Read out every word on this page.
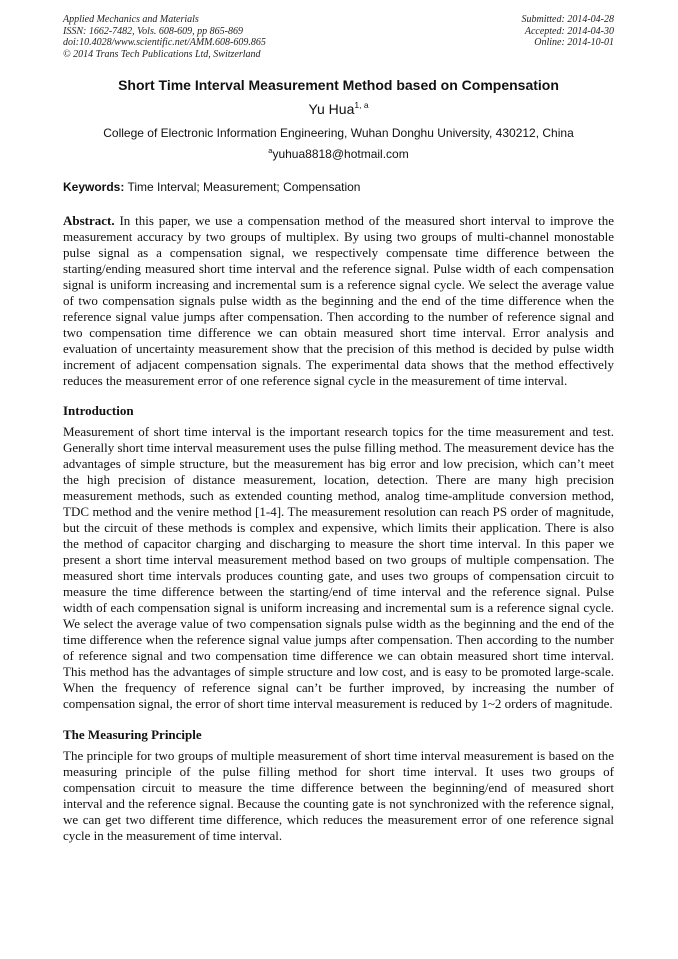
Applied Mechanics and Materials
ISSN: 1662-7482, Vols. 608-609, pp 865-869
doi:10.4028/www.scientific.net/AMM.608-609.865
© 2014 Trans Tech Publications Ltd, Switzerland
Submitted: 2014-04-28
Accepted: 2014-04-30
Online: 2014-10-01
Short Time Interval Measurement Method based on Compensation
Yu Hua$^{1, a}$
College of Electronic Information Engineering, Wuhan Donghu University, 430212, China
$^a$yuhua8818@hotmail.com
Keywords: Time Interval; Measurement; Compensation

Abstract. In this paper, we use a compensation method of the measured short interval to improve the measurement accuracy by two groups of multiplex. By using two groups of multi-channel monostable pulse signal as a compensation signal, we respectively compensate time difference between the starting/ending measured short time interval and the reference signal. Pulse width of each compensation signal is uniform increasing and incremental sum is a reference signal cycle. We select the average value of two compensation signals pulse width as the beginning and the end of the time difference when the reference signal value jumps after compensation. Then according to the number of reference signal and two compensation time difference we can obtain measured short time interval. Error analysis and evaluation of uncertainty measurement show that the precision of this method is decided by pulse width increment of adjacent compensation signals. The experimental data shows that the method effectively reduces the measurement error of one reference signal cycle in the measurement of time interval.

Introduction

Measurement of short time interval is the important research topics for the time measurement and test. Generally short time interval measurement uses the pulse filling method. The measurement device has the advantages of simple structure, but the measurement has big error and low precision, which can’t meet the high precision of distance measurement, location, detection. There are many high precision measurement methods, such as extended counting method, analog time-amplitude conversion method, TDC method and the venire method [1-4]. The measurement resolution can reach PS order of magnitude, but the circuit of these methods is complex and expensive, which limits their application. There is also the method of capacitor charging and discharging to measure the short time interval. In this paper we present a short time interval measurement method based on two groups of multiple compensation. The measured short time intervals produces counting gate, and uses two groups of compensation circuit to measure the time difference between the starting/end of time interval and the reference signal. Pulse width of each compensation signal is uniform increasing and incremental sum is a reference signal cycle. We select the average value of two compensation signals pulse width as the beginning and the end of the time difference when the reference signal value jumps after compensation. Then according to the number of reference signal and two compensation time difference we can obtain measured short time interval. This method has the advantages of simple structure and low cost, and is easy to be promoted large-scale. When the frequency of reference signal can’t be further improved, by increasing the number of compensation signal, the error of short time interval measurement is reduced by 1~2 orders of magnitude.

The Measuring Principle

The principle for two groups of multiple measurement of short time interval measurement is based on the measuring principle of the pulse filling method for short time interval. It uses two groups of compensation circuit to measure the time difference between the beginning/end of measured short interval and the reference signal. Because the counting gate is not synchronized with the reference signal, we can get two different time difference, which reduces the measurement error of one reference signal cycle in the measurement of time interval.
